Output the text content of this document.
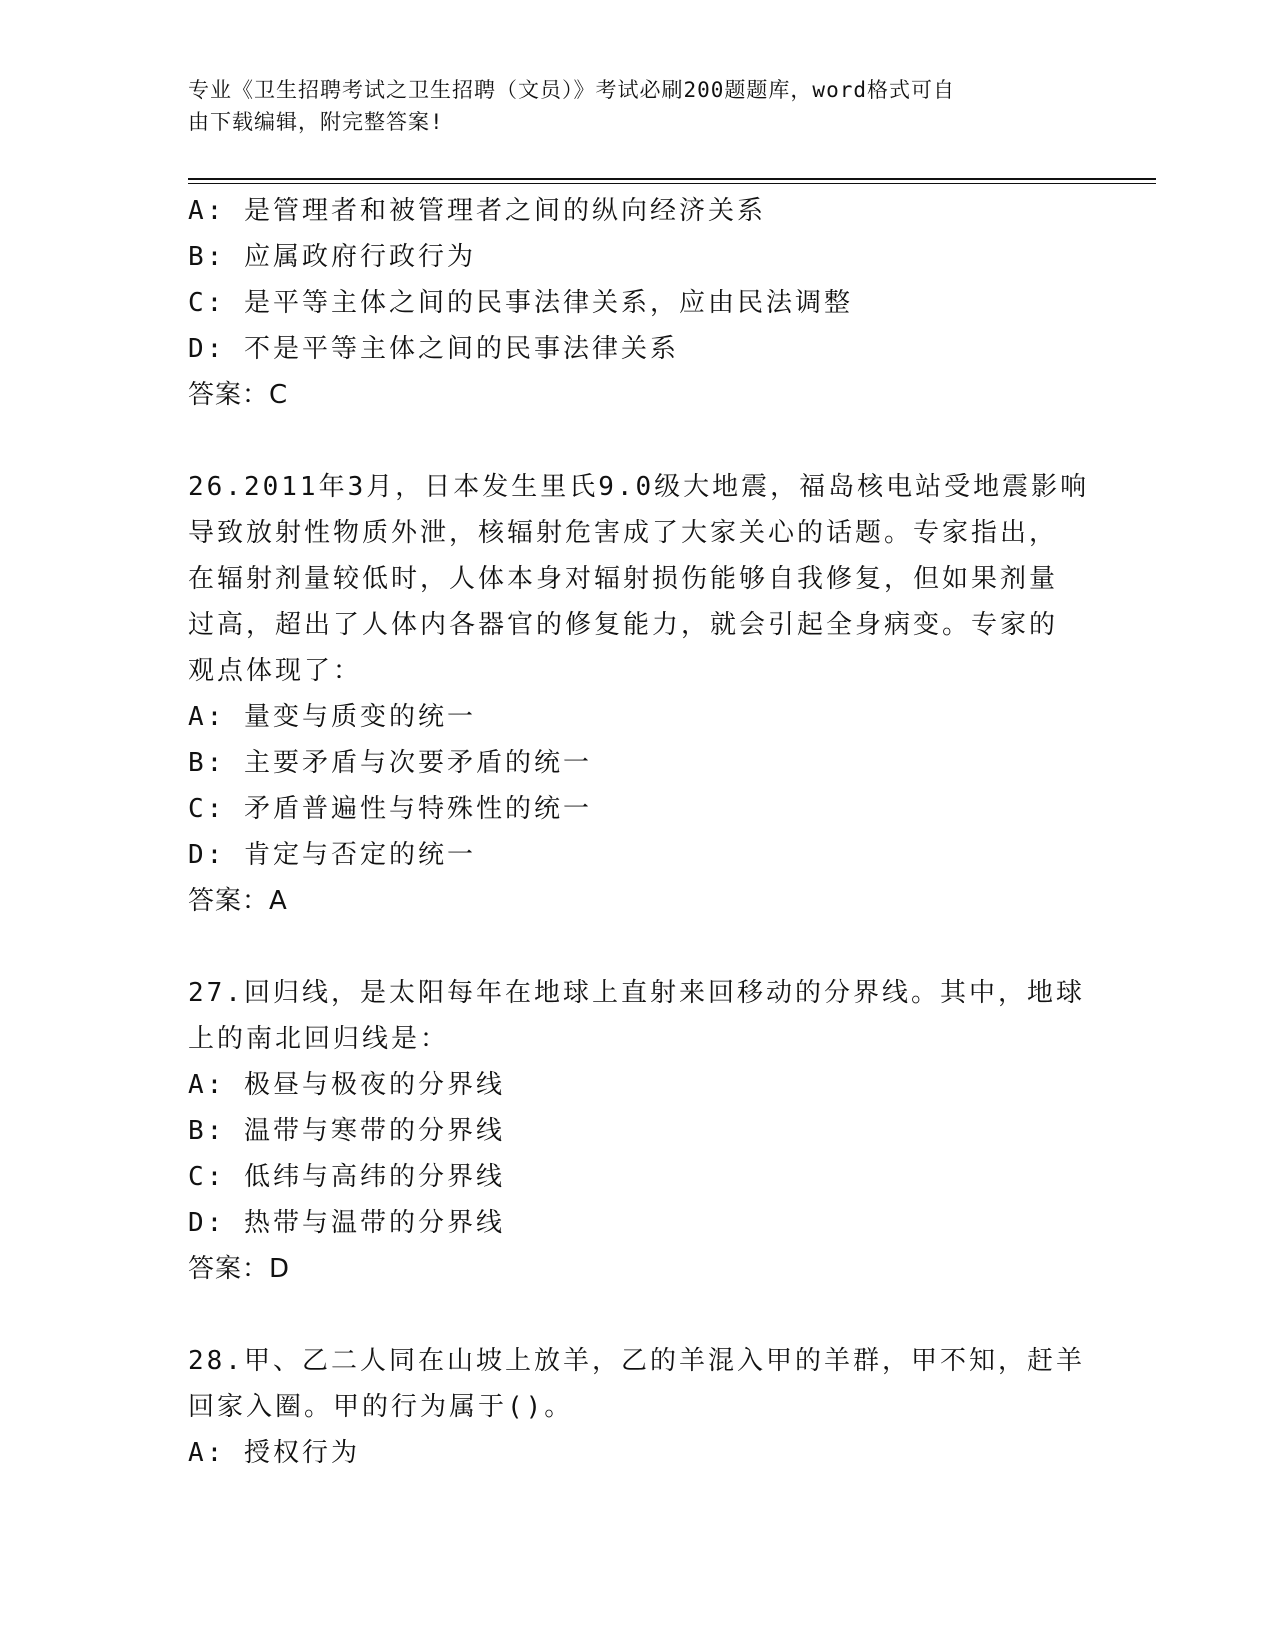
专业《卫生招聘考试之卫生招聘（文员）》考试必刷200题题库，word格式可自
由下载编辑，附完整答案!
A: 是管理者和被管理者之间的纵向经济关系
B: 应属政府行政行为
C: 是平等主体之间的民事法律关系，应由民法调整
D: 不是平等主体之间的民事法律关系
答案：C
26.2011年3月，日本发生里氏9.0级大地震，福岛核电站受地震影响
导致放射性物质外泄，核辐射危害成了大家关心的话题。专家指出，
在辐射剂量较低时，人体本身对辐射损伤能够自我修复，但如果剂量
过高，超出了人体内各器官的修复能力，就会引起全身病变。专家的
观点体现了：
A: 量变与质变的统一
B: 主要矛盾与次要矛盾的统一
C: 矛盾普遍性与特殊性的统一
D: 肯定与否定的统一
答案：A
27.回归线，是太阳每年在地球上直射来回移动的分界线。其中，地球
上的南北回归线是：
A: 极昼与极夜的分界线
B: 温带与寒带的分界线
C: 低纬与高纬的分界线
D: 热带与温带的分界线
答案：D
28.甲、乙二人同在山坡上放羊，乙的羊混入甲的羊群，甲不知，赶羊
回家入圈。甲的行为属于()。
A: 授权行为
